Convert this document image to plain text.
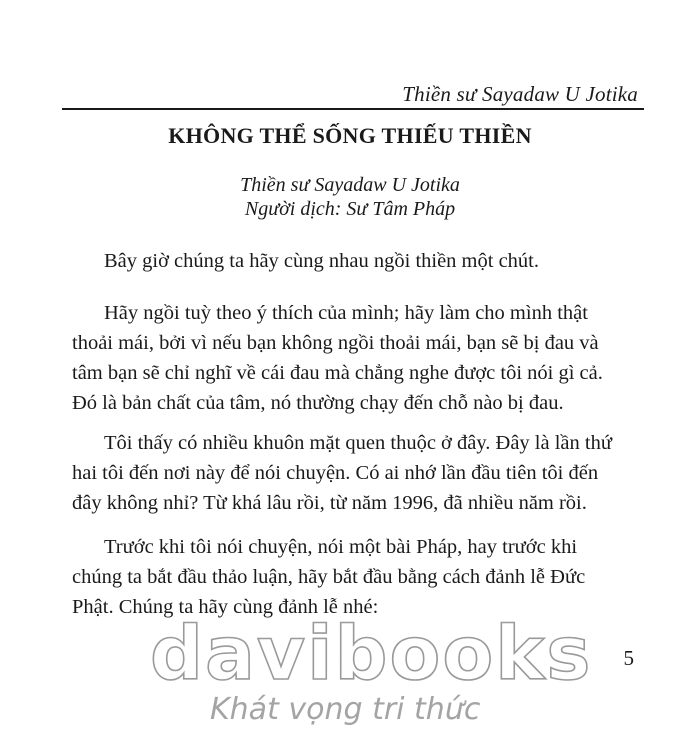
Thiền sư Sayadaw U Jotika
KHÔNG THỂ SỐNG THIẾU THIỀN
Thiền sư Sayadaw U Jotika
Người dịch: Sư Tâm Pháp
Bây giờ chúng ta hãy cùng nhau ngồi thiền một chút.
Hãy ngồi tuỳ theo ý thích của mình; hãy làm cho mình thật
thoải mái, bởi vì nếu bạn không ngồi thoải mái, bạn sẽ bị đau và
tâm bạn sẽ chỉ nghĩ về cái đau mà chẳng nghe được tôi nói gì cả.
Đó là bản chất của tâm, nó thường chạy đến chỗ nào bị đau.
Tôi thấy có nhiều khuôn mặt quen thuộc ở đây. Đây là lần thứ
hai tôi đến nơi này để nói chuyện. Có ai nhớ lần đầu tiên tôi đến
đây không nhỉ? Từ khá lâu rồi, từ năm 1996, đã nhiều năm rồi.
Trước khi tôi nói chuyện, nói một bài Pháp, hay trước khi
chúng ta bắt đầu thảo luận, hãy bắt đầu bằng cách đảnh lễ Đức
Phật. Chúng ta hãy cùng đảnh lễ nhé:
5
davibooks
Khát vọng tri thức
